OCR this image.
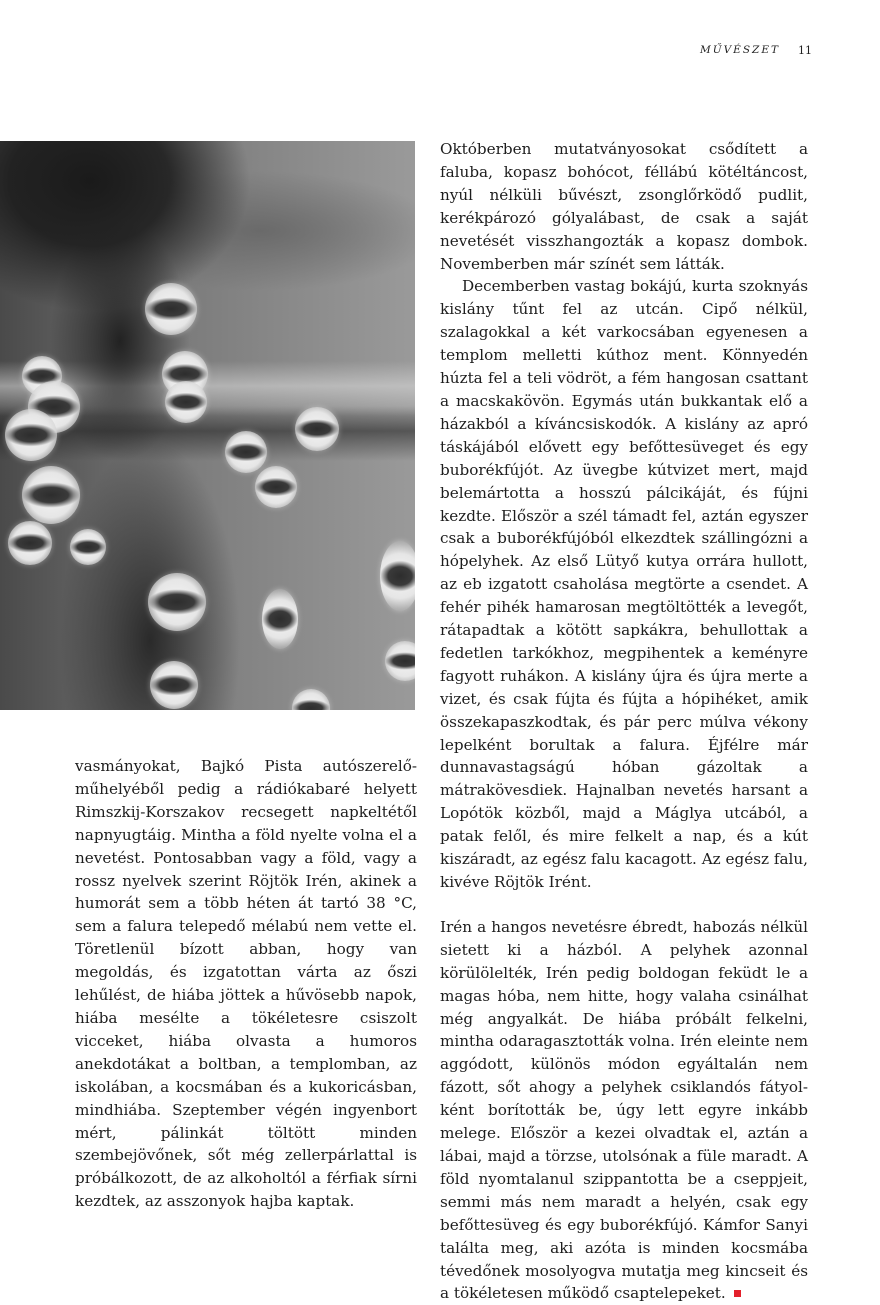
MŰVÉSZET 11

vasmányokat, Bajkó Pista autószerelő-műhelyéből pedig a rádiókabaré helyett Rimszkij-Korszakov recsegett napkeltétől napnyugtáig. Mintha a föld nyelte volna el a nevetést. Pontosabban vagy a föld, vagy a rossz nyelvek szerint Röjtök Irén, akinek a humorát sem a több héten át tartó 38 °C, sem a falura telepedő mélabú nem vette el. Töretlenül bízott abban, hogy van megoldás, és izgatottan várta az őszi lehűlést, de hiába jöttek a hűvösebb napok, hiába mesélte a tökéletesre csiszolt vicceket, hiába olvasta a humoros anekdotákat a boltban, a templomban, az iskolában, a kocsmában és a kukoricásban, mindhiába. Szeptember végén ingyenbort mért, pálinkát töltött minden szembejövőnek, sőt még zellerpárlattal is próbálkozott, de az alkoholtól a férfiak sírni kezdtek, az asszonyok hajba kaptak.

Októberben mutatványosokat csődített a faluba, kopasz bohócot, féllábú kötéltáncost, nyúl nélküli bűvészt, zsonglőrködő pudlit, kerékpározó gólyalábast, de csak a saját nevetését visszhangozták a kopasz dombok. Novemberben már színét sem látták.

Decemberben vastag bokájú, kurta szoknyás kislány tűnt fel az utcán. Cipő nélkül, szalagokkal a két varkocsában egyenesen a templom melletti kúthoz ment. Könnyedén húzta fel a teli vödröt, a fém hangosan csattant a macskakövön. Egymás után bukkantak elő a házakból a kíváncsiskodók. A kislány az apró táskájából elővett egy befőttesüveget és egy buborékfújót. Az üvegbe kútvizet mert, majd belemártotta a hosszú pálcikáját, és fújni kezdte. Először a szél támadt fel, aztán egyszer csak a buborékfújóból elkezdtek szállingózni a hópelyhek. Az első Lütyő kutya orrára hullott, az eb izgatott csaholása megtörte a csendet. A fehér pihék hamarosan megtöltötték a levegőt, rátapadtak a kötött sapkákra, behullottak a fedetlen tarkókhoz, megpihentek a keményre fagyott ruhákon. A kislány újra és újra merte a vizet, és csak fújta és fújta a hópihéket, amik összekapaszkodtak, és pár perc múlva vékony lepelként borultak a falura. Éjfélre már dunnavastagságú hóban gázoltak a mátrakövesdiek. Hajnalban nevetés harsant a Lopótök közből, majd a Máglya utcából, a patak felől, és mire felkelt a nap, és a kút kiszáradt, az egész falu kacagott. Az egész falu, kivéve Röjtök Irént.

Irén a hangos nevetésre ébredt, habozás nélkül sietett ki a házból. A pelyhek azonnal körülölelték, Irén pedig boldogan feküdt le a magas hóba, nem hitte, hogy valaha csinálhat még angyalkát. De hiába próbált felkelni, mintha odaragasztották volna. Irén eleinte nem aggódott, különös módon egyáltalán nem fázott, sőt ahogy a pelyhek csiklandós fátyolként borították be, úgy lett egyre inkább melege. Először a kezei olvadtak el, aztán a lábai, majd a törzse, utolsónak a füle maradt. A föld nyomtalanul szippantotta be a cseppjeit, semmi más nem maradt a helyén, csak egy befőttesüveg és egy buborékfújó. Kámfor Sanyi találta meg, aki azóta is minden kocsmába tévedőnek mosolyogva mutatja meg kincseit és a tökéletesen működő csaptelepeket.
